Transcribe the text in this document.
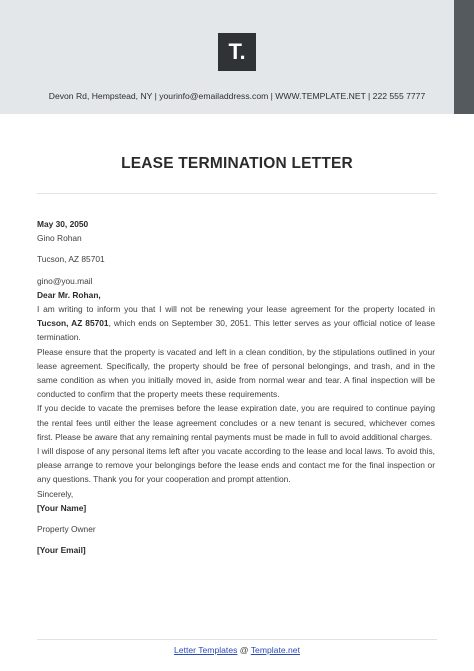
T.
Devon Rd, Hempstead, NY | yourinfo@emailaddress.com | WWW.TEMPLATE.NET | 222 555 7777
LEASE TERMINATION LETTER
May 30, 2050
Gino Rohan
Tucson, AZ 85701
gino@you.mail
Dear Mr. Rohan,

I am writing to inform you that I will not be renewing your lease agreement for the property located in Tucson, AZ 85701, which ends on September 30, 2051. This letter serves as your official notice of lease termination.

Please ensure that the property is vacated and left in a clean condition, by the stipulations outlined in your lease agreement. Specifically, the property should be free of personal belongings, and trash, and in the same condition as when you initially moved in, aside from normal wear and tear. A final inspection will be conducted to confirm that the property meets these requirements.

If you decide to vacate the premises before the lease expiration date, you are required to continue paying the rental fees until either the lease agreement concludes or a new tenant is secured, whichever comes first. Please be aware that any remaining rental payments must be made in full to avoid additional charges.

I will dispose of any personal items left after you vacate according to the lease and local laws. To avoid this, please arrange to remove your belongings before the lease ends and contact me for the final inspection or any questions. Thank you for your cooperation and prompt attention.

Sincerely,
[Your Name]
Property Owner
[Your Email]
Letter Templates @ Template.net
